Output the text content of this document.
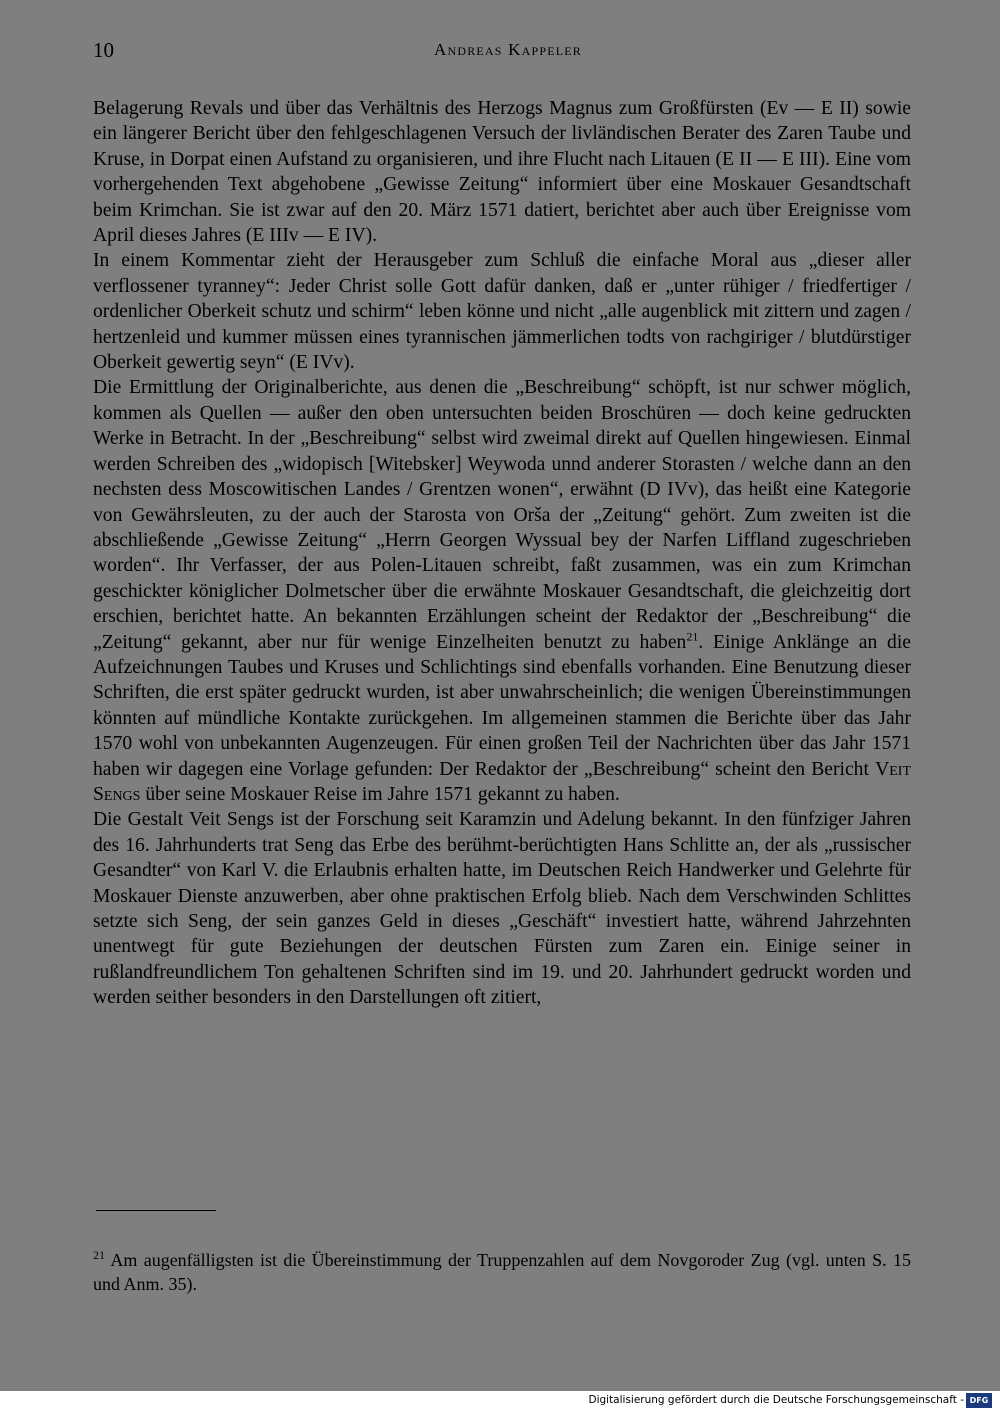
10	Andreas Kappeler

Belagerung Revals und über das Verhältnis des Herzogs Magnus zum Großfürsten (Ev — E II) sowie ein längerer Bericht über den fehlgeschlagenen Versuch der livländischen Berater des Zaren Taube und Kruse, in Dorpat einen Aufstand zu organisieren, und ihre Flucht nach Litauen (E II — E III). Eine vom vorhergehenden Text abgehobene „Gewisse Zeitung“ informiert über eine Moskauer Gesandtschaft beim Krimchan. Sie ist zwar auf den 20. März 1571 datiert, berichtet aber auch über Ereignisse vom April dieses Jahres (E IIIv — E IV).

In einem Kommentar zieht der Herausgeber zum Schluß die einfache Moral aus „dieser aller verflossener tyranney“: Jeder Christ solle Gott dafür danken, daß er „unter rühiger / friedfertiger / ordenlicher Oberkeit schutz und schirm“ leben könne und nicht „alle augenblick mit zittern und zagen / hertzenleid und kummer müssen eines tyrannischen jämmerlichen todts von rachgiriger / blutdürstiger Oberkeit gewertig seyn“ (E IVv).

Die Ermittlung der Originalberichte, aus denen die „Beschreibung“ schöpft, ist nur schwer möglich, kommen als Quellen — außer den oben untersuchten beiden Broschüren — doch keine gedruckten Werke in Betracht. In der „Beschreibung“ selbst wird zweimal direkt auf Quellen hingewiesen. Einmal werden Schreiben des „widopisch [Witebsker] Weywoda unnd anderer Storasten / welche dann an den nechsten dess Moscowitischen Landes / Grentzen wonen“, erwähnt (D IVv), das heißt eine Kategorie von Gewährsleuten, zu der auch der Starosta von Orša der „Zeitung“ gehört. Zum zweiten ist die abschließende „Gewisse Zeitung“ „Herrn Georgen Wyssual bey der Narfen Liffland zugeschrieben worden“. Ihr Verfasser, der aus Polen-Litauen schreibt, faßt zusammen, was ein zum Krimchan geschickter königlicher Dolmetscher über die erwähnte Moskauer Gesandtschaft, die gleichzeitig dort erschien, berichtet hatte. An bekannten Erzählungen scheint der Redaktor der „Beschreibung“ die „Zeitung“ gekannt, aber nur für wenige Einzelheiten benutzt zu haben$^{21}$. Einige Anklänge an die Aufzeichnungen Taubes und Kruses und Schlichtings sind ebenfalls vorhanden. Eine Benutzung dieser Schriften, die erst später gedruckt wurden, ist aber unwahrscheinlich; die wenigen Übereinstimmungen könnten auf mündliche Kontakte zurückgehen. Im allgemeinen stammen die Berichte über das Jahr 1570 wohl von unbekannten Augenzeugen. Für einen großen Teil der Nachrichten über das Jahr 1571 haben wir dagegen eine Vorlage gefunden: Der Redaktor der „Beschreibung“ scheint den Bericht Veit Sengs über seine Moskauer Reise im Jahre 1571 gekannt zu haben.

Die Gestalt Veit Sengs ist der Forschung seit Karamzin und Adelung bekannt. In den fünfziger Jahren des 16. Jahrhunderts trat Seng das Erbe des berühmt-berüchtigten Hans Schlitte an, der als „russischer Gesandter“ von Karl V. die Erlaubnis erhalten hatte, im Deutschen Reich Handwerker und Gelehrte für Moskauer Dienste anzuwerben, aber ohne praktischen Erfolg blieb. Nach dem Verschwinden Schlittes setzte sich Seng, der sein ganzes Geld in dieses „Geschäft“ investiert hatte, während Jahrzehnten unentwegt für gute Beziehungen der deutschen Fürsten zum Zaren ein. Einige seiner in rußlandfreundlichem Ton gehaltenen Schriften sind im 19. und 20. Jahrhundert gedruckt worden und werden seither besonders in den Darstellungen oft zitiert,

$^{21}$ Am augenfälligsten ist die Übereinstimmung der Truppenzahlen auf dem Novgoroder Zug (vgl. unten S. 15 und Anm. 35).
Digitalisierung gefördert durch die Deutsche Forschungsgemeinschaft - DFG
